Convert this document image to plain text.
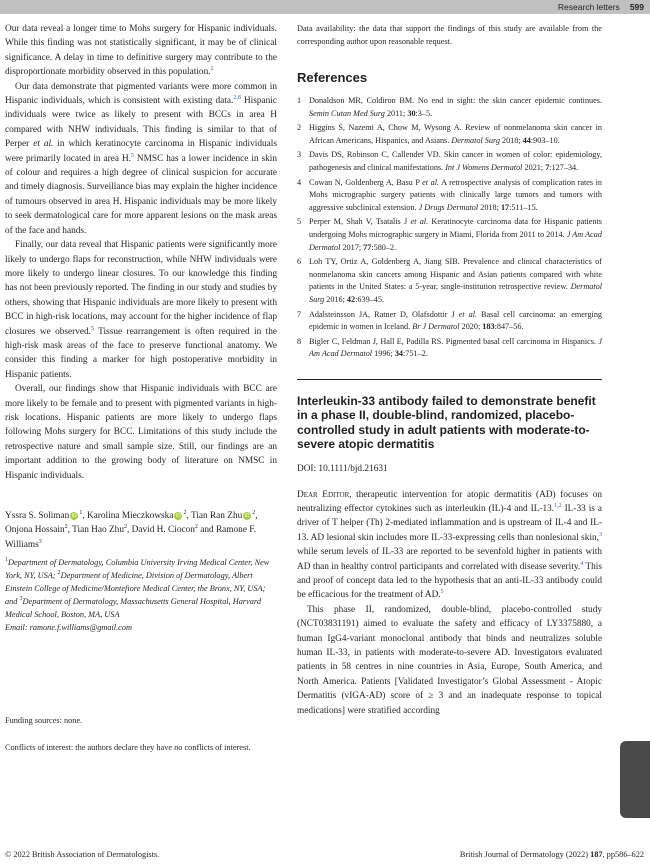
Research letters 599

Our data reveal a longer time to Mohs surgery for Hispanic individuals. While this finding was not statistically significant, it may be of clinical significance. A delay in time to definitive surgery may contribute to the disproportionate morbidity observed in this population.$^2$

Our data demonstrate that pigmented variants were more common in Hispanic individuals, which is consistent with existing data.$^{2,8}$ Hispanic individuals were twice as likely to present with BCCs in area H compared with NHW individuals. This finding is similar to that of Perper et al. in which keratinocyte carcinoma in Hispanic individuals were primarily located in area H.$^5$ NMSC has a lower incidence in skin of colour and requires a high degree of clinical suspicion for accurate and timely diagnosis. Surveillance bias may explain the higher incidence of tumours observed in area H. Hispanic individuals may be more likely to seek dermatological care for more apparent lesions on the mask areas of the face and hands.

Finally, our data reveal that Hispanic patients were significantly more likely to undergo flaps for reconstruction, while NHW individuals were more likely to undergo linear closures. To our knowledge this finding has not been previously reported. The finding in our study and studies by others, showing that Hispanic individuals are more likely to present with BCC in high-risk locations, may account for the higher incidence of flap closures we observed.$^5$ Tissue rearrangement is often required in the high-risk mask areas of the face to preserve functional anatomy. We consider this finding a marker for high postoperative morbidity in Hispanic patients.

Overall, our findings show that Hispanic individuals with BCC are more likely to be female and to present with pigmented variants in high-risk locations. Hispanic patients are more likely to undergo flaps following Mohs surgery for BCC. Limitations of this study include the retrospective nature and small sample size. Still, our findings are an important addition to the growing body of literature on NMSC in Hispanic individuals.

Yssra S. Soliman iD $^1$, Karolina Mieczkowska iD $^2$, Tian Ran Zhu iD $^2$, Onjona Hossain$^2$, Tian Hao Zhu$^2$, David H. Ciocon$^2$ and Ramone F. Williams$^3$
$^1$Department of Dermatology, Columbia University Irving Medical Center, New York, NY, USA; $^2$Department of Medicine, Division of Dermatology, Albert Einstein College of Medicine/Montefiore Medical Center, the Bronx, NY, USA; and $^3$Department of Dermatology, Massachusetts General Hospital, Harvard Medical School, Boston, MA, USA
Email: ramone.f.williams@gmail.com
Funding sources: none.
Conflicts of interest: the authors declare they have no conflicts of interest.
Data availability: the data that support the findings of this study are available from the corresponding author upon reasonable request.
References
1 Donaldson MR, Coldiron BM. No end in sight: the skin cancer epidemic continues. Semin Cutan Med Surg 2011; 30:3–5.
2 Higgins S, Nazemi A, Chow M, Wysong A. Review of nonmelanoma skin cancer in African Americans, Hispanics, and Asians. Dermatol Surg 2018; 44:903–10.
3 Davis DS, Robinson C, Callender VD. Skin cancer in women of color: epidemiology, pathogenesis and clinical manifestations. Int J Womens Dermatol 2021; 7:127–34.
4 Cowan N, Goldenberg A, Basu P et al. A retrospective analysis of complication rates in Mohs micrographic surgery patients with clinically large tumors and tumors with aggressive subclinical extension. J Drugs Dermatol 2018; 17:511–15.
5 Perper M, Shah V, Tsatalis J et al. Keratinocyte carcinoma data for Hispanic patients undergoing Mohs micrographic surgery in Miami, Florida from 2011 to 2014. J Am Acad Dermatol 2017; 77:580–2.
6 Loh TY, Ortiz A, Goldenberg A, Jiang SIB. Prevalence and clinical characteristics of nonmelanoma skin cancers among Hispanic and Asian patients compared with white patients in the United States: a 5-year, single-institution retrospective review. Dermatol Surg 2016; 42:639–45.
7 Adalsteinsson JA, Ratner D, Olafsdottir J et al. Basal cell carcinoma: an emerging epidemic in women in Iceland. Br J Dermatol 2020; 183:847–56.
8 Bigler C, Feldman J, Hall E, Padilla RS. Pigmented basal cell carcinoma in Hispanics. J Am Acad Dermatol 1996; 34:751–2.
Interleukin-33 antibody failed to demonstrate benefit in a phase II, double-blind, randomized, placebo-controlled study in adult patients with moderate-to-severe atopic dermatitis
DOI: 10.1111/bjd.21631

Dear Editor, therapeutic intervention for atopic dermatitis (AD) focuses on neutralizing effector cytokines such as interleukin (IL)-4 and IL-13.$^{1,2}$ IL-33 is a driver of T helper (Th) 2-mediated inflammation and is upstream of IL-4 and IL-13. AD lesional skin includes more IL-33-expressing cells than nonlesional skin,$^3$ while serum levels of IL-33 are reported to be sevenfold higher in patients with AD than in healthy control participants and correlated with disease severity.$^4$ This and proof of concept data led to the hypothesis that an anti-IL-33 antibody could be efficacious for the treatment of AD.$^5$

This phase II, randomized, double-blind, placebo-controlled study (NCT03831191) aimed to evaluate the safety and efficacy of LY3375880, a human IgG4-variant monoclonal antibody that binds and neutralizes soluble human IL-33, in patients with moderate-to-severe AD. Investigators evaluated patients in 58 centres in nine countries in Asia, Europe, South America, and North America. Patients [Validated Investigator’s Global Assessment - Atopic Dermatitis (vIGA-AD) score of ≥ 3 and an inadequate response to topical medications] were stratified according

© 2022 British Association of Dermatologists.	British Journal of Dermatology (2022) 187, pp586–622
